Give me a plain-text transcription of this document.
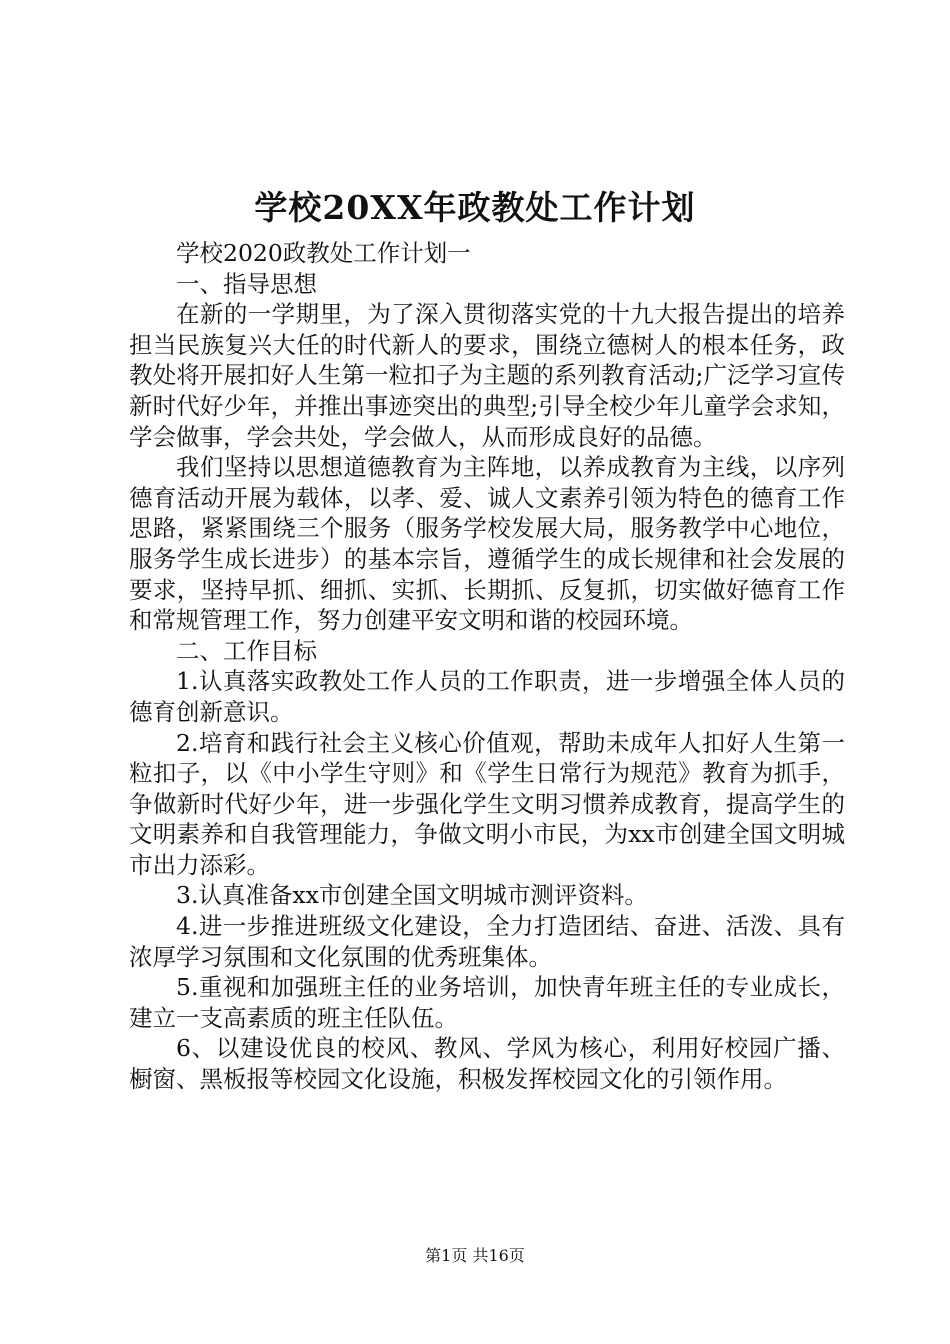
学校20XX年政教处工作计划

学校2020政教处工作计划一

一、指导思想

在新的一学期里，为了深入贯彻落实党的十九大报告提出的培养担当民族复兴大任的时代新人的要求，围绕立德树人的根本任务，政教处将开展扣好人生第一粒扣子为主题的系列教育活动;广泛学习宣传新时代好少年，并推出事迹突出的典型;引导全校少年儿童学会求知，学会做事，学会共处，学会做人，从而形成良好的品德。

我们坚持以思想道德教育为主阵地，以养成教育为主线，以序列德育活动开展为载体，以孝、爱、诚人文素养引领为特色的德育工作思路，紧紧围绕三个服务（服务学校发展大局，服务教学中心地位，服务学生成长进步）的基本宗旨，遵循学生的成长规律和社会发展的要求，坚持早抓、细抓、实抓、长期抓、反复抓，切实做好德育工作和常规管理工作，努力创建平安文明和谐的校园环境。

二、工作目标

1.认真落实政教处工作人员的工作职责，进一步增强全体人员的德育创新意识。

2.培育和践行社会主义核心价值观，帮助未成年人扣好人生第一粒扣子，以《中小学生守则》和《学生日常行为规范》教育为抓手，争做新时代好少年，进一步强化学生文明习惯养成教育，提高学生的文明素养和自我管理能力，争做文明小市民，为xx市创建全国文明城市出力添彩。

3.认真准备xx市创建全国文明城市测评资料。

4.进一步推进班级文化建设，全力打造团结、奋进、活泼、具有浓厚学习氛围和文化氛围的优秀班集体。

5.重视和加强班主任的业务培训，加快青年班主任的专业成长，建立一支高素质的班主任队伍。

6、以建设优良的校风、教风、学风为核心，利用好校园广播、橱窗、黑板报等校园文化设施，积极发挥校园文化的引领作用。

第1页 共16页
